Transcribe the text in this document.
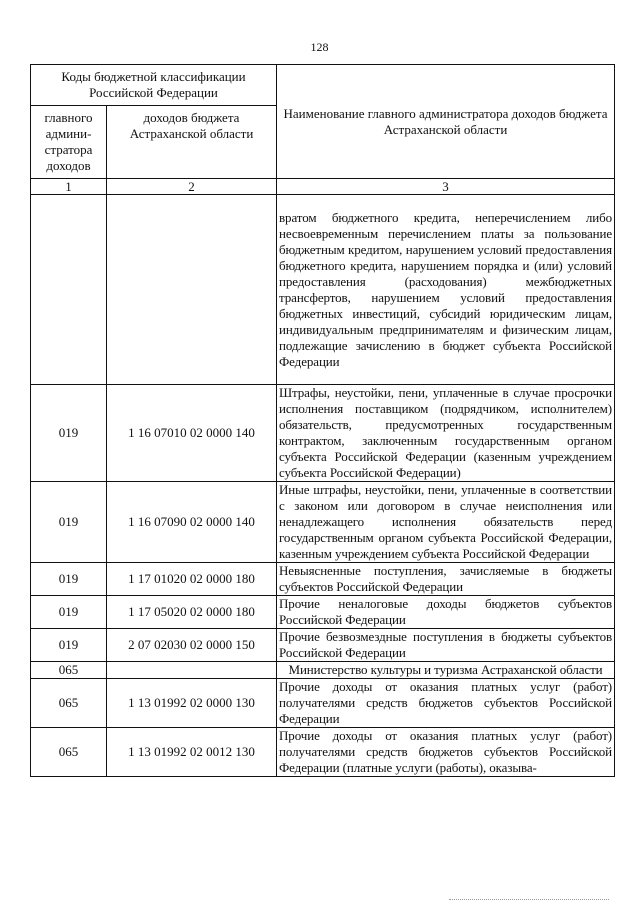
128
Коды бюджетной классификации Российской Федерации		Наименование главного администратора доходов бюджета Астраханской области
главного админи-стратора доходов	доходов бюджета Астраханской области	
1	2	3
		вратом бюджетного кредита, неперечислением либо несвоевременным перечислением платы за пользование бюджетным кредитом, нарушением условий предоставления бюджетного кредита, нарушением порядка и (или) условий предоставления (расходования) межбюджетных трансфертов, нарушением условий предоставления бюджетных инвестиций, субсидий юридическим лицам, индивидуальным предпринимателям и физическим лицам, подлежащие зачислению в бюджет субъекта Российской Федерации
019	1 16 07010 02 0000 140	Штрафы, неустойки, пени, уплаченные в случае просрочки исполнения поставщиком (подрядчиком, исполнителем) обязательств, предусмотренных государственным контрактом, заключенным государственным органом субъекта Российской Федерации (казенным учреждением субъекта Российской Федерации)
019	1 16 07090 02 0000 140	Иные штрафы, неустойки, пени, уплаченные в соответствии с законом или договором в случае неисполнения или ненадлежащего исполнения обязательств перед государственным органом субъекта Российской Федерации, казенным учреждением субъекта Российской Федерации
019	1 17 01020 02 0000 180	Невыясненные поступления, зачисляемые в бюджеты субъектов Российской Федерации
019	1 17 05020 02 0000 180	Прочие неналоговые доходы бюджетов субъектов Российской Федерации
019	2 07 02030 02 0000 150	Прочие безвозмездные поступления в бюджеты субъектов Российской Федерации
065		Министерство культуры и туризма Астраханской области
065	1 13 01992 02 0000 130	Прочие доходы от оказания платных услуг (работ) получателями средств бюджетов субъектов Российской Федерации
065	1 13 01992 02 0012 130	Прочие доходы от оказания платных услуг (работ) получателями средств бюджетов субъектов Российской Федерации (платные услуги (работы), оказыва-
